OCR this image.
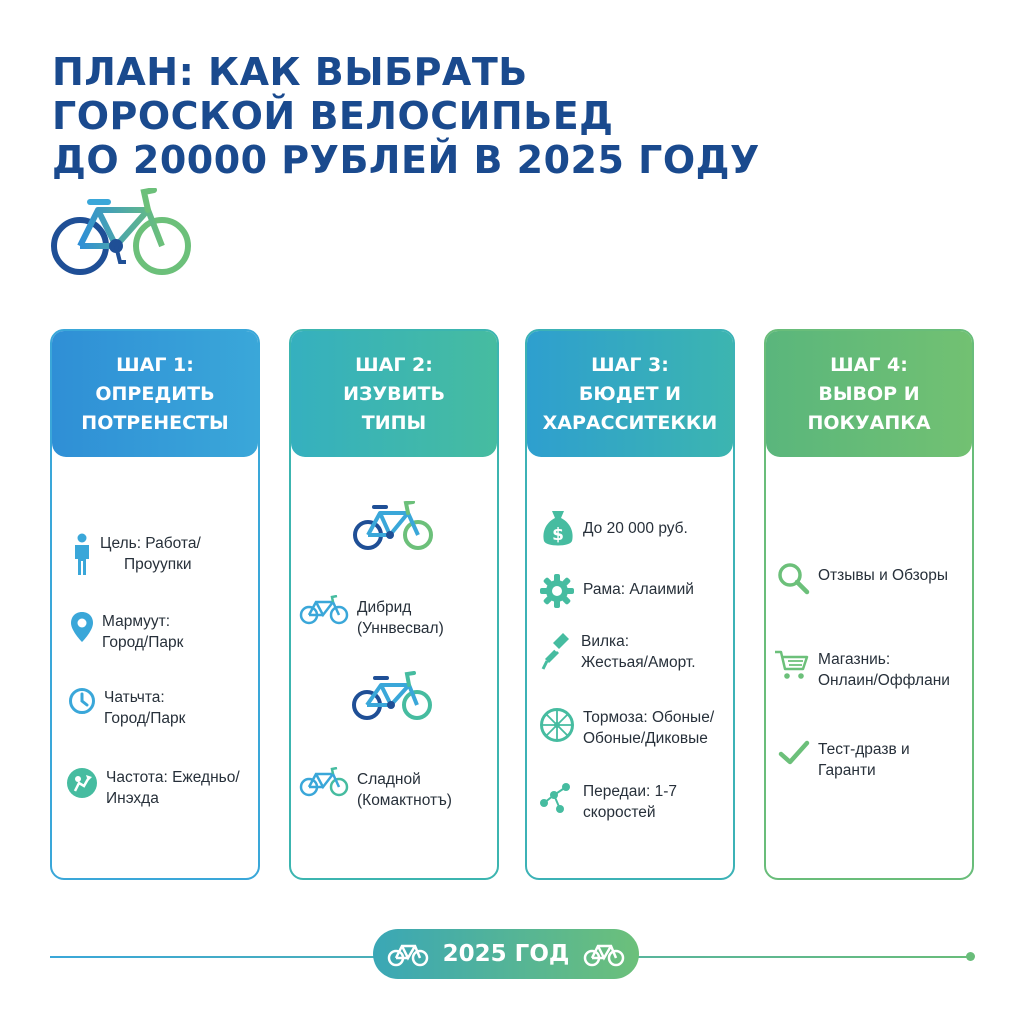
ПЛАН: КАК ВЫБРАТЬ
ГОРОСКОЙ ВЕЛОСИПЬЕД
ДО 20000 РУБЛЕЙ В 2025 ГОДУ
ШАГ 1:
ОПРЕДИТЬ
ПОТРЕНЕСТЫ
Цель: Работа/
Проуупки
Мармуут:
Город/Парк
Чатьчта:
Город/Парк
Частота: Ежедньо/
Инэхда
ШАГ 2:
ИЗУВИТЬ
ТИПЫ
Дибрид
(Уннвесвал)
Сладной
(Комактнотъ)
ШАГ 3:
БЮДЕТ И
ХАРАССИТЕККИ
$ До 20 000 руб.
Рама: Алаимий
Вилка:
Жестьая/Аморт.
Тормоза: Обоные/
Обоные/Диковые
Передаи: 1-7
скоростей
ШАГ 4:
ВЫВОР И
ПОКУАПКА
Отзывы и Обзоры
Магазниь:
Онлаин/Оффлани
Тест-дразв и
Гаранти
2025 ГОД
